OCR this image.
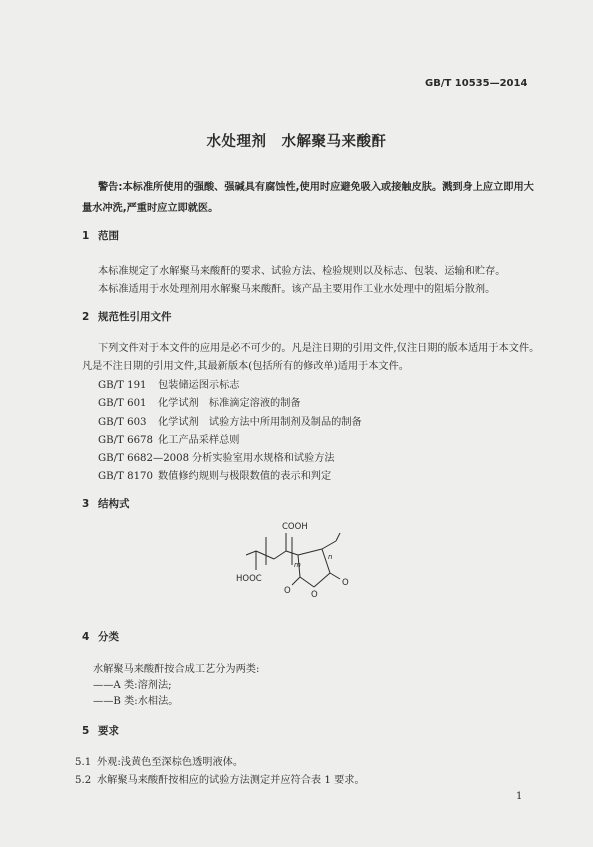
GB/T 10535—2014
水处理剂　水解聚马来酸酐
警告:本标准所使用的强酸、强碱具有腐蚀性,使用时应避免吸入或接触皮肤。溅到身上应立即用大量水冲洗,严重时应立即就医。
1 范围
本标准规定了水解聚马来酸酐的要求、试验方法、检验规则以及标志、包装、运输和贮存。
本标准适用于水处理剂用水解聚马来酸酐。该产品主要用作工业水处理中的阻垢分散剂。
2 规范性引用文件
下列文件对于本文件的应用是必不可少的。凡是注日期的引用文件,仅注日期的版本适用于本文件。
凡是不注日期的引用文件,其最新版本(包括所有的修改单)适用于本文件。
GB/T 191 包装储运图示标志
GB/T 601 化学试剂　标准滴定溶液的制备
GB/T 603 化学试剂　试验方法中所用制剂及制品的制备
GB/T 6678 化工产品采样总则
GB/T 6682—2008 分析实验室用水规格和试验方法
GB/T 8170 数值修约规则与极限数值的表示和判定
3 结构式
COOH
HOOC
m
n
O O
O
4 分类
水解聚马来酸酐按合成工艺分为两类:
——A 类:溶剂法;
——B 类:水相法。
5 要求
5.1 外观:浅黄色至深棕色透明液体。
5.2 水解聚马来酸酐按相应的试验方法测定并应符合表 1 要求。
1
